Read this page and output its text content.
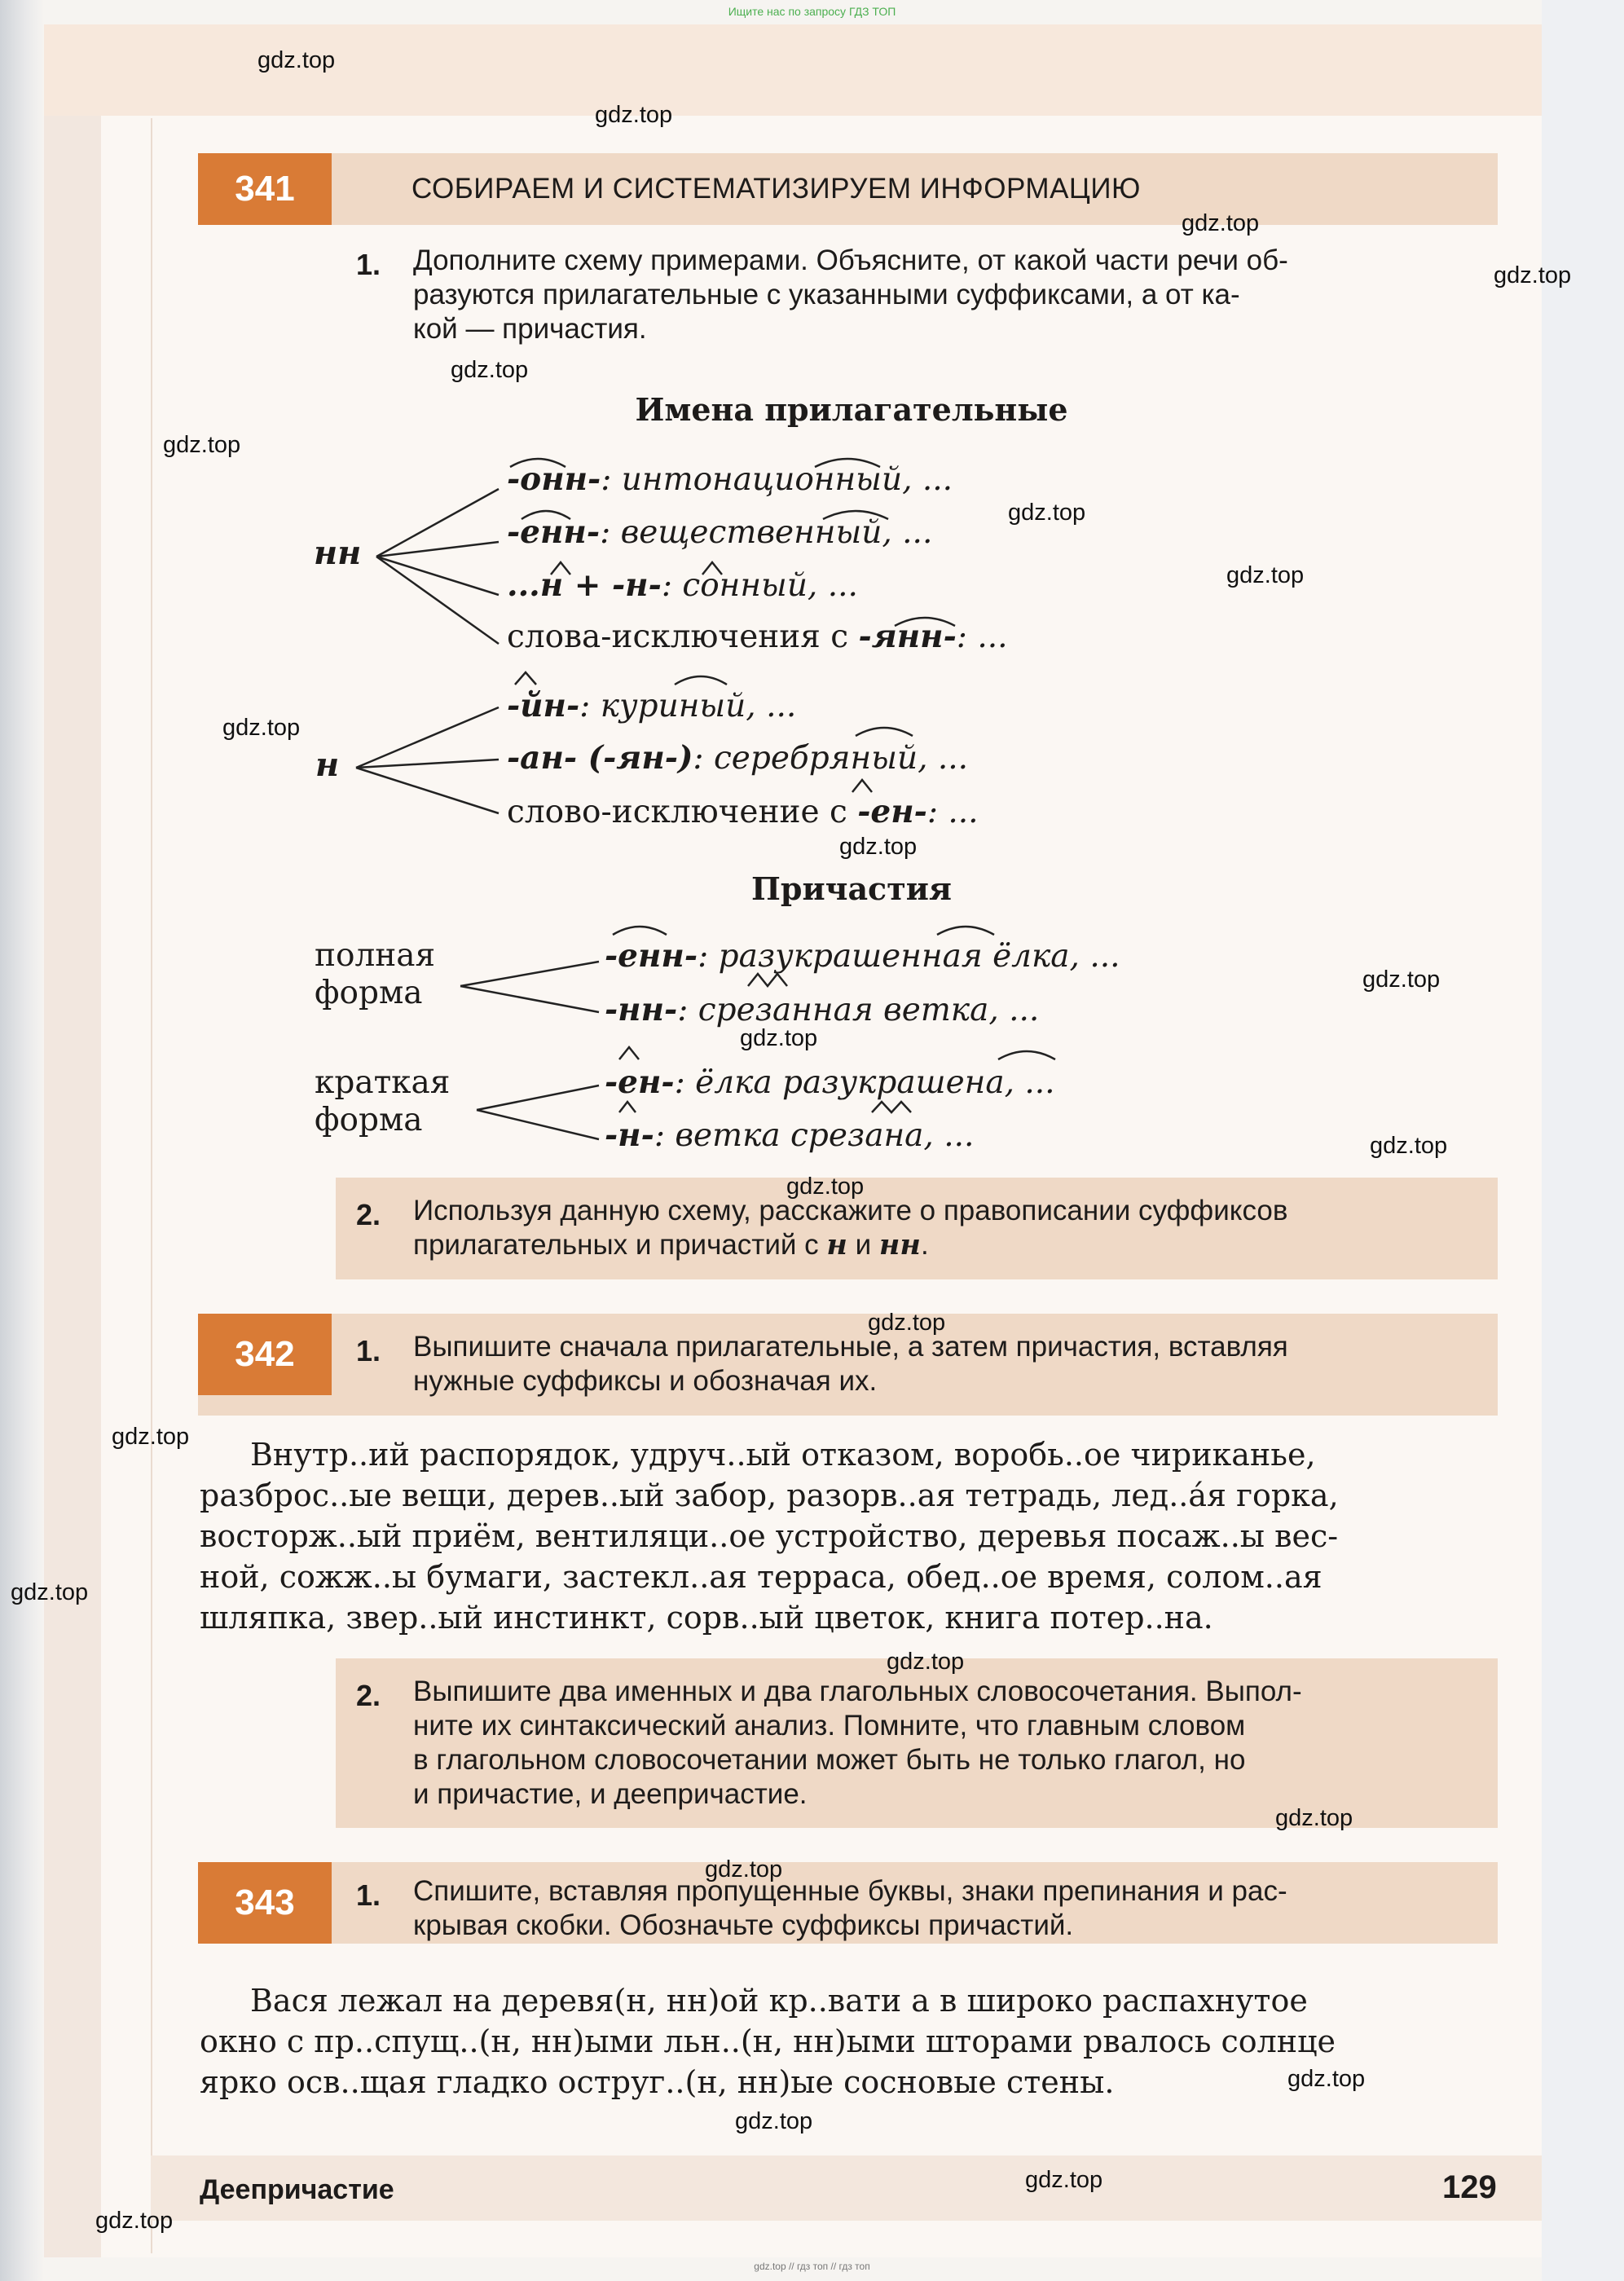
Ищите нас по запросу ГДЗ ТОП
341	СОБИРАЕМ И СИСТЕМАТИЗИРУЕМ ИНФОРМАЦИЮ
1. Дополните схему примерами. Объясните, от какой части речи об-
разуются прилагательные с указанными суффиксами, а от ка-
кой — причастия.
Имена прилагательные
нн
-онн-: интонационный, ...
-енн-: вещественный, ...
...н + -н-: сонный, ...
слова-исключения с -янн-: ...
н
-йн-: куриный, ...
-ан- (-ян-): серебряный, ...
слово-исключение с -ен-: ...
Причастия
полная
форма
-енн-: разукрашенная ёлка, ...
-нн-: срезанная ветка, ...
краткая
форма
-ен-: ёлка разукрашена, ...
-н-: ветка срезана, ...
2. Используя данную схему, расскажите о правописании суффиксов
прилагательных и причастий с н и нн.
342	1. Выпишите сначала прилагательные, а затем причастия, вставляя
нужные суффиксы и обозначая их.
Внутр..ий распорядок, удруч..ый отказом, воробь..ое чириканье,
разброс..ые вещи, дерев..ый забор, разорв..ая тетрадь, лед..а́я горка,
восторж..ый приём, вентиляци..ое устройство, деревья посаж..ы вес-
ной, сожж..ы бумаги, застекл..ая терраса, обед..ое время, солом..ая
шляпка, звер..ый инстинкт, сорв..ый цветок, книга потер..на.
2. Выпишите два именных и два глагольных словосочетания. Выпол-
ните их синтаксический анализ. Помните, что главным словом
в глагольном словосочетании может быть не только глагол, но
и причастие, и деепричастие.
343	1. Спишите, вставляя пропущенные буквы, знаки препинания и рас-
крывая скобки. Обозначьте суффиксы причастий.
Вася лежал на деревя(н, нн)ой кр..вати а в широко распахнутое
окно с пр..спущ..(н, нн)ыми льн..(н, нн)ыми шторами рвалось солнце
ярко осв..щая гладко оструг..(н, нн)ые сосновые стены.
Деепричастие	129
gdz.top
gdz.top
gdz.top
gdz.top
gdz.top
gdz.top
gdz.top
gdz.top
gdz.top
gdz.top
gdz.top
gdz.top
gdz.top
gdz.top
gdz.top
gdz.top
gdz.top
gdz.top
gdz.top
gdz.top
gdz.top
gdz.top
gdz.top
gdz.top
gdz.top // гдз топ // гдз топ
